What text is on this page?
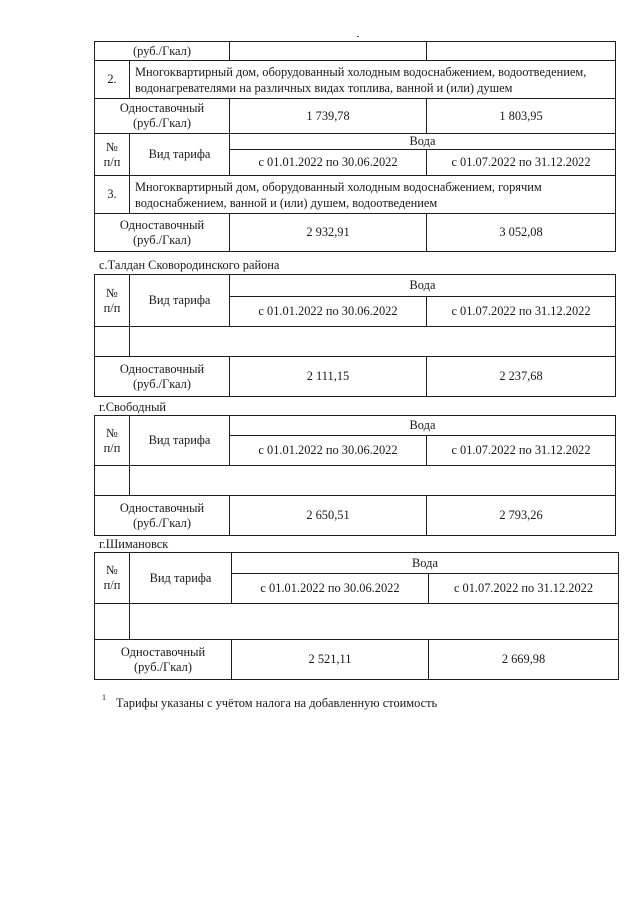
(руб./Гкал)			
2.	Многоквартирный дом, оборудованный холодным водоснабжением, водоотведением, водонагревателями на различных видах топлива, ванной и (или) душем		
Одноставочный
(руб./Гкал)		1 739,78	1 803,95
№
п/п	Вид тарифа	Вода	
		с 01.01.2022 по 30.06.2022	с 01.07.2022 по 31.12.2022
3.	Многоквартирный дом, оборудованный холодным водоснабжением, горячим водоснабжением, ванной и (или) душем, водоотведением		
Одноставочный
(руб./Гкал)		2 932,91	3 052,08
с.Талдан Сковородинского района
№
п/п	Вид тарифа	Вода	
		с 01.01.2022 по 30.06.2022	с 01.07.2022 по 31.12.2022

Одноставочный
(руб./Гкал)		2 111,15	2 237,68
г.Свободный
№
п/п	Вид тарифа	Вода	
		с 01.01.2022 по 30.06.2022	с 01.07.2022 по 31.12.2022

Одноставочный
(руб./Гкал)		2 650,51	2 793,26
г.Шимановск
№
п/п	Вид тарифа	Вода	
		с 01.01.2022 по 30.06.2022	с 01.07.2022 по 31.12.2022

Одноставочный
(руб./Гкал)		2 521,11	2 669,98
$^1$ Тарифы указаны с учётом налога на добавленную стоимость
